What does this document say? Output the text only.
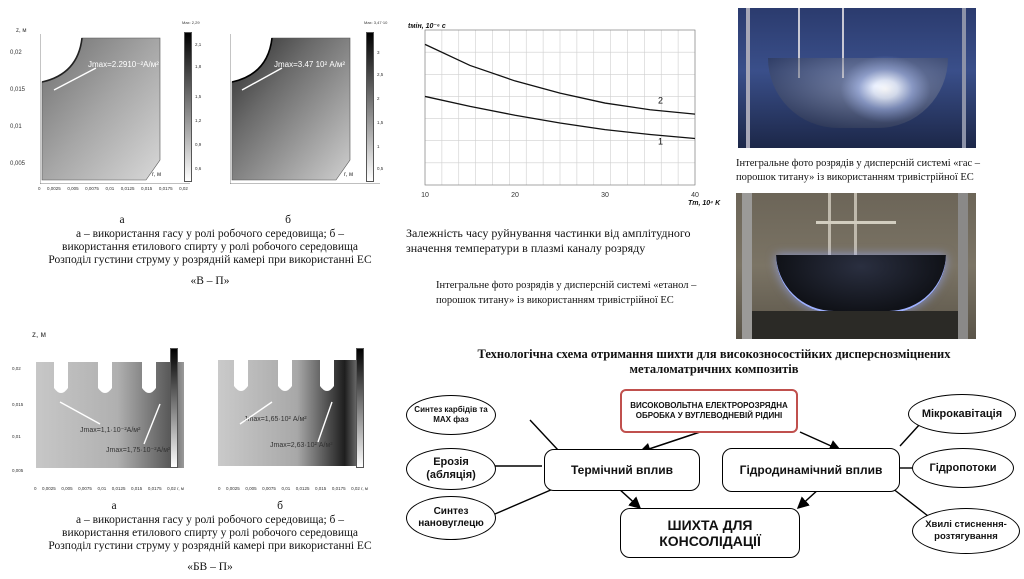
z, м
0,02
0,015
0,01
0,005
Jmax=2.2910⁻²А/м²
r, м
0 0,0025 0,005 0,0075 0,01 0,0125 0,015 0,0175 0,02
Max: 2,29
2,1
1,8
1,5
1,2
0,9
0,6
Jmax=3.47 10² А/м²
r, м
Max: 3,47·10
3
2,5
2
1,5
1
0,5
а	б
а – використання гасу у ролі робочого середовища; б –
використання етилового спирту у ролі робочого середовища
Розподіл густини струму у розрядній камері при використанні ЕС
«В – П»
z, м
0,02
0,015
0,01
0,005
Jmax=1,1·10⁻²А/м²
Jmax=1,75·10⁻²А/м²
0 0,0025 0,005 0,0075 0,01 0,0125 0,015 0,0175 0,02 r, м
Jmax=1,65·10² А/м²
Jmax=2,63·10² А/м²
0 0,0025 0,005 0,0075 0,01 0,0125 0,015 0,0175 0,02 r, м
а	б
а – використання гасу у ролі робочого середовища; б –
використання етилового спирту у ролі робочого середовища
Розподіл густини струму у розрядній камері при використанні ЕС
«БВ – П»
10	20	30	40
1
2
tмін, 10⁻⁶ с
Tm, 10⁴ K
Залежність часу руйнування частинки від амплітудного значення температури в плазмі каналу розряду
Інтегральне фото розрядів у дисперсній системі «етанол – порошок титану» із використанням тривістрійної ЕС
Інтегральне фото розрядів у дисперсній системі «гас – порошок титану» із використанням тривістрійної ЕС
Технологічна схема отримання шихти для високозносостійких дисперснозміцнених
металоматричних композитів
ВИСОКОВОЛЬТНА ЕЛЕКТРОРОЗРЯДНА ОБРОБКА У ВУГЛЕВОДНЕВІЙ РІДИНІ
Термічний вплив	Гідродинамічний вплив
ШИХТА ДЛЯ КОНСОЛІДАЦІЇ
Синтез карбідів та MAX фаз
Ерозія (абляція)
Синтез нановуглецю
Мікрокавітація
Гідропотоки
Хвилі стиснення-розтягування
